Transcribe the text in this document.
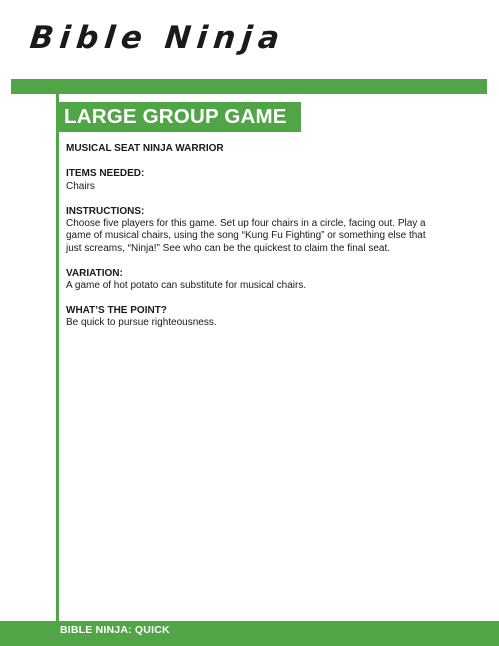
Bible Ninja
LARGE GROUP GAME
MUSICAL SEAT NINJA WARRIOR
ITEMS NEEDED:
Chairs
INSTRUCTIONS:
Choose five players for this game. Set up four chairs in a circle, facing out. Play a game of musical chairs, using the song “Kung Fu Fighting” or something else that just screams, “Ninja!” See who can be the quickest to claim the final seat.
VARIATION:
A game of hot potato can substitute for musical chairs.
WHAT’S THE POINT?
Be quick to pursue righteousness.
BIBLE NINJA: QUICK
